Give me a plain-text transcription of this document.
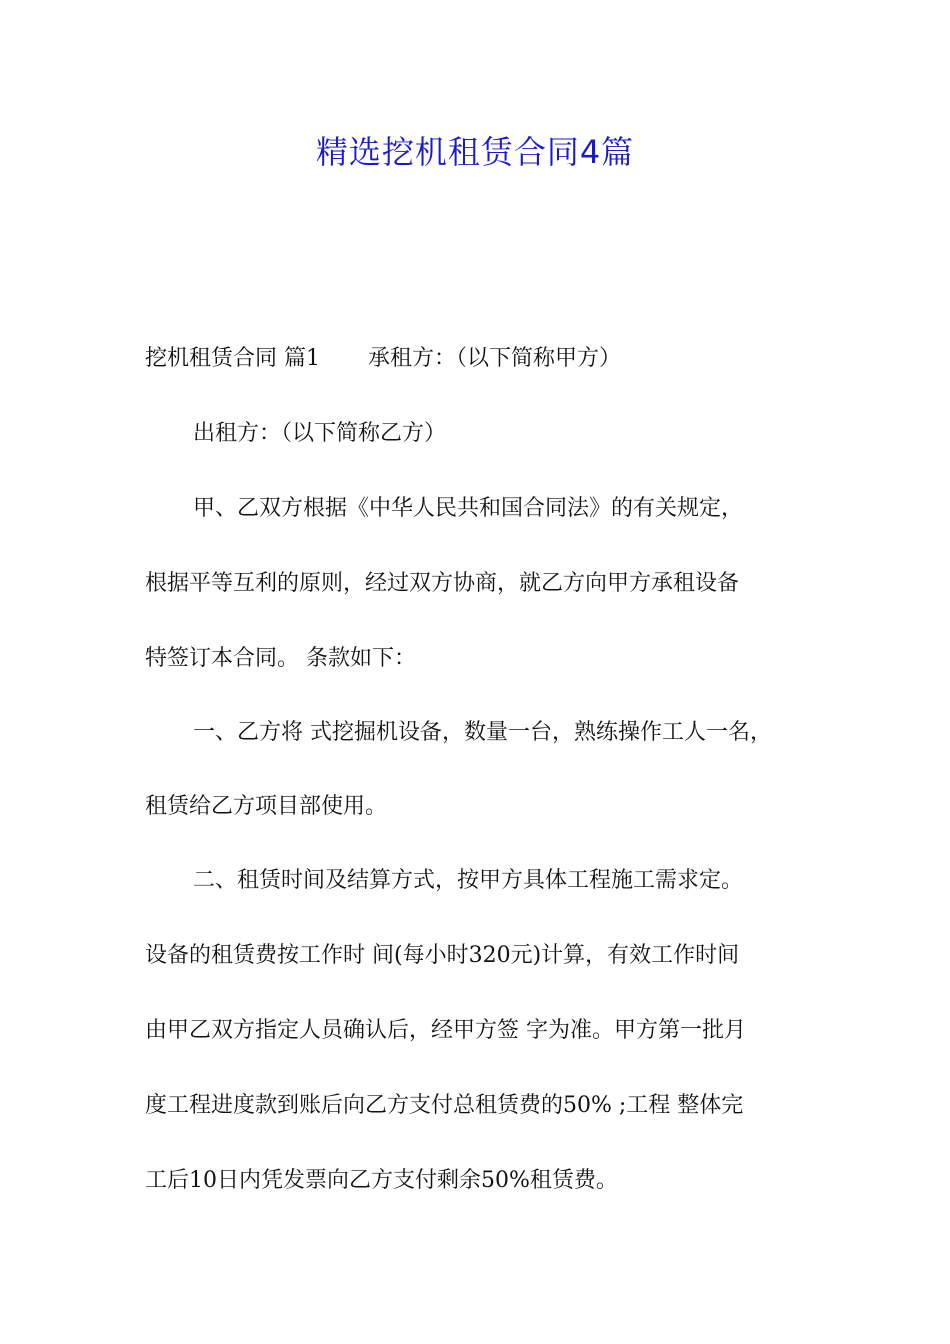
精选挖机租赁合同4篇
挖机租赁合同 篇1 承租方：（以下简称甲方）
出租方：（以下简称乙方）
甲、乙双方根据《中华人民共和国合同法》的有关规定，
根据平等互利的原则，经过双方协商，就乙方向甲方承租设备
特签订本合同。 条款如下：
一、乙方将 式挖掘机设备，数量一台，熟练操作工人一名，
租赁给乙方项目部使用。
二、租赁时间及结算方式，按甲方具体工程施工需求定。
设备的租赁费按工作时 间(每小时320元)计算，有效工作时间
由甲乙双方指定人员确认后，经甲方签 字为准。甲方第一批月
度工程进度款到账后向乙方支付总租赁费的50% ;工程 整体完
工后10日内凭发票向乙方支付剩余50%租赁费。
